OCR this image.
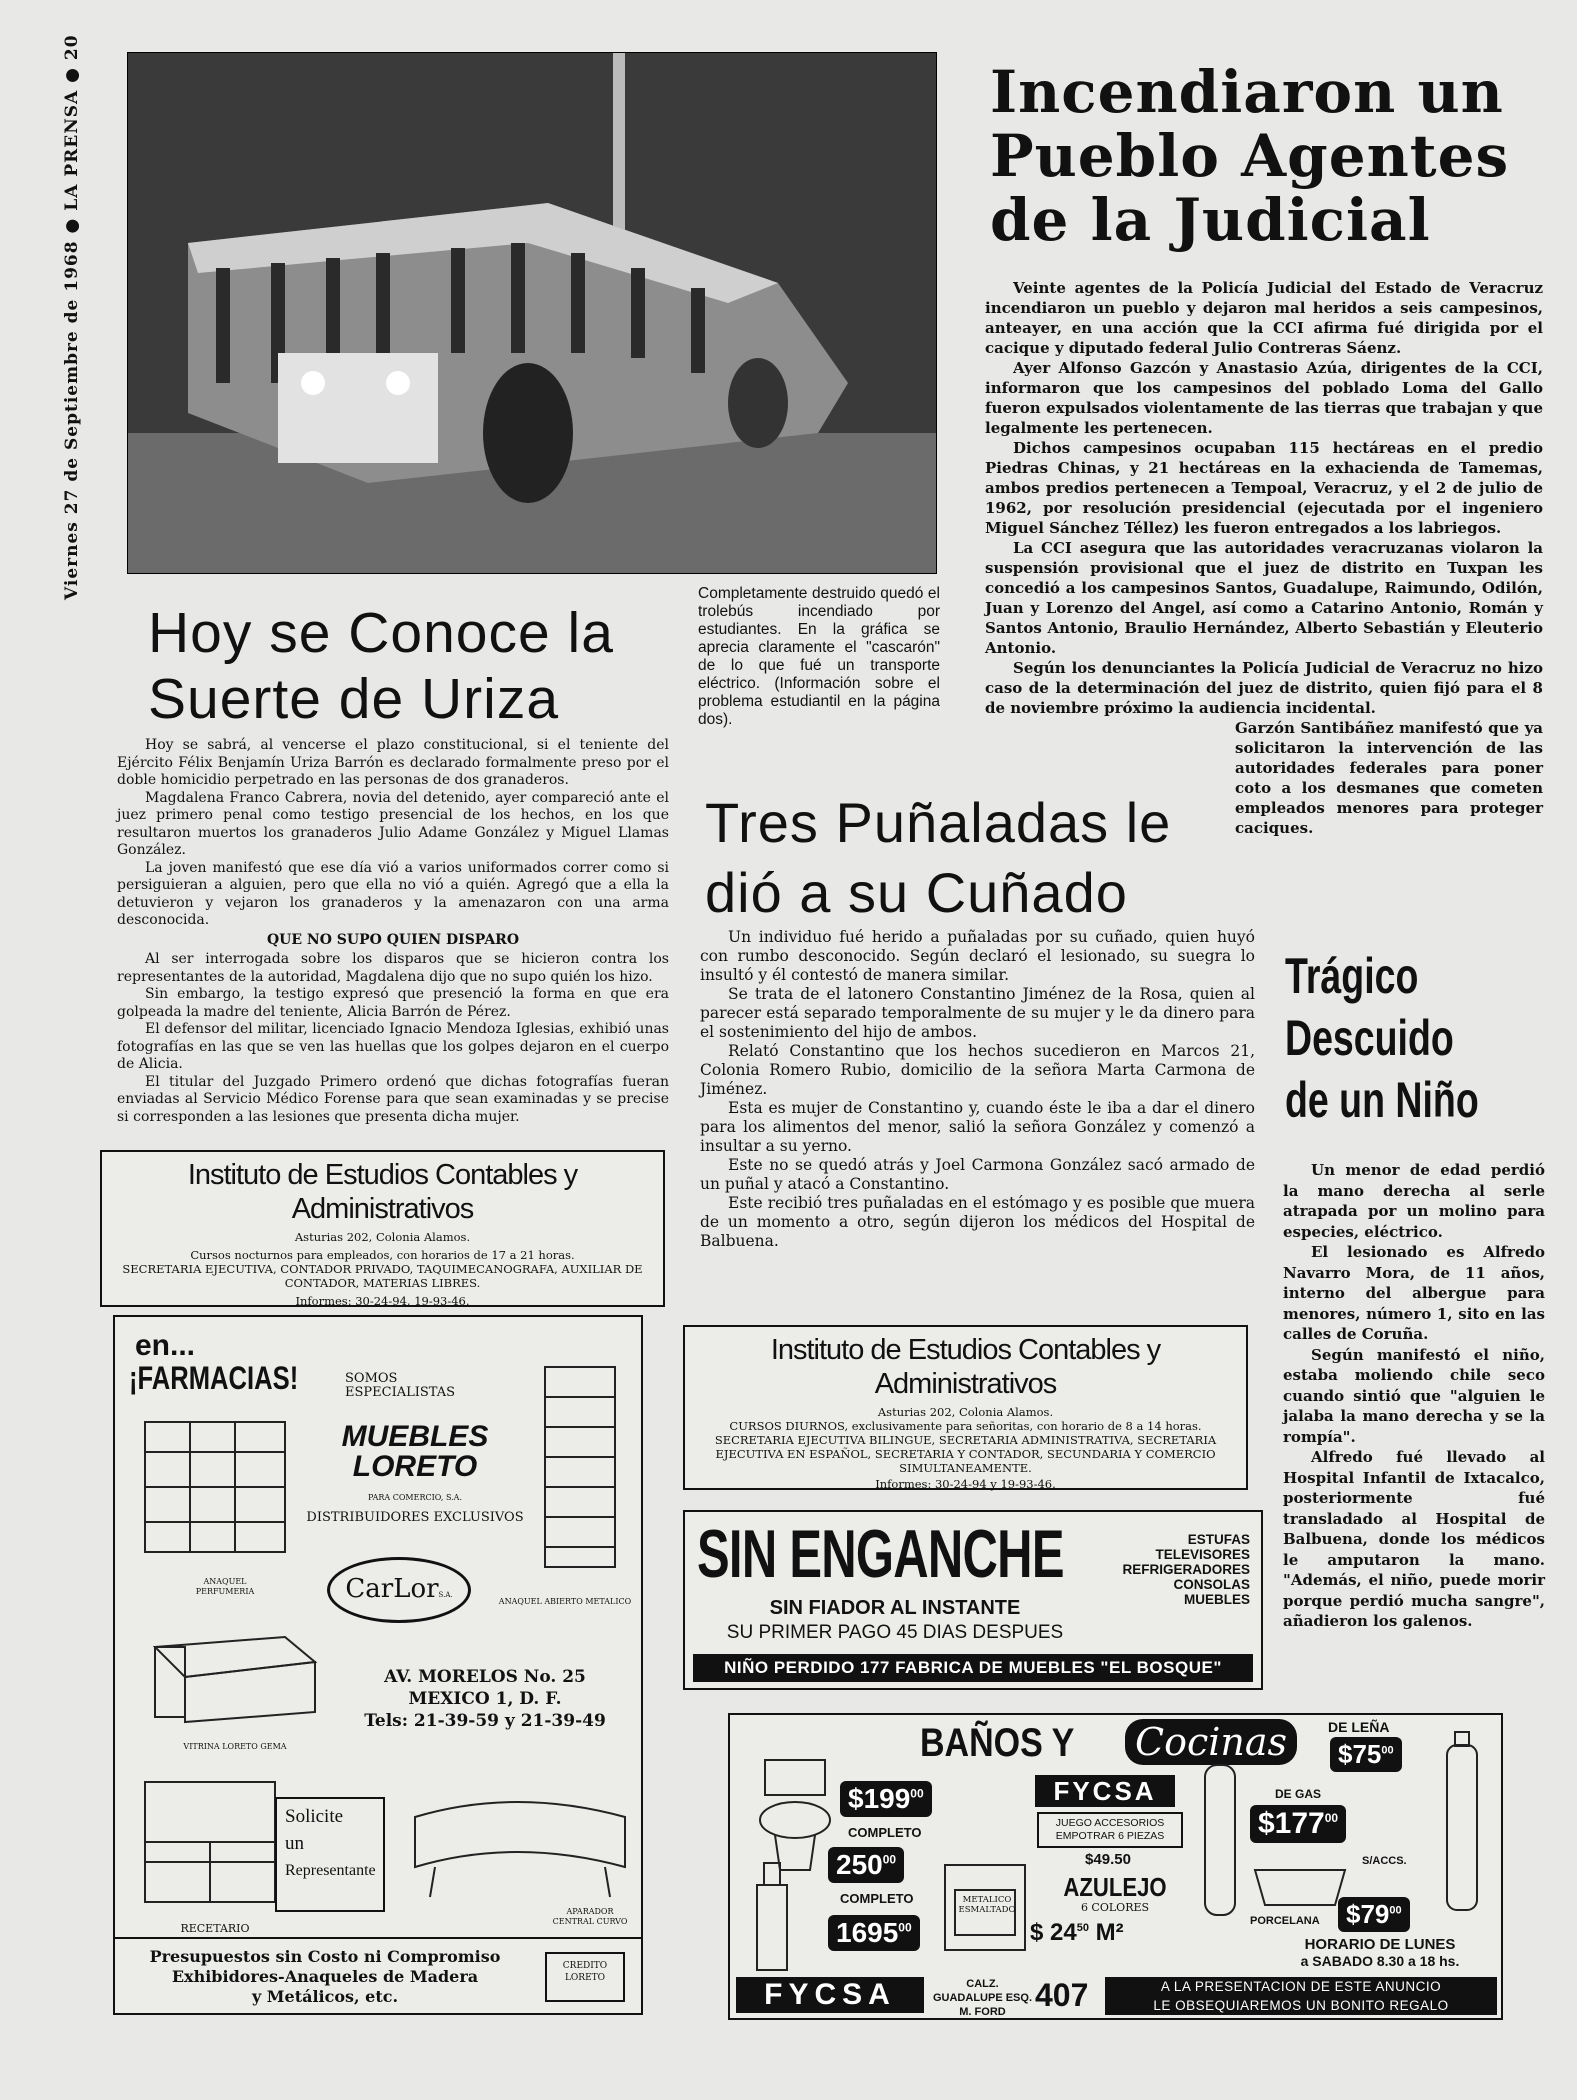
Viernes 27 de Septiembre de 1968 ● LA PRENSA ● 20	Completamente destruido quedó el trolebús incendiado por estudiantes. En la gráfica se aprecia claramente el "cascarón" de lo que fué un transporte eléctrico. (Información sobre el problema estudiantil en la página dos).
Incendiaron un Pueblo Agentes de la Judicial

Veinte agentes de la Policía Judicial del Estado de Veracruz incendiaron un pueblo y dejaron mal heridos a seis campesinos, anteayer, en una acción que la CCI afirma fué dirigida por el cacique y diputado federal Julio Contreras Sáenz.

Ayer Alfonso Gazcón y Anastasio Azúa, dirigentes de la CCI, informaron que los campesinos del poblado Loma del Gallo fueron expulsados violentamente de las tierras que trabajan y que legalmente les pertenecen.

Dichos campesinos ocupaban 115 hectáreas en el predio Piedras Chinas, y 21 hectáreas en la exhacienda de Tamemas, ambos predios pertenecen a Tempoal, Veracruz, y el 2 de julio de 1962, por resolución presidencial (ejecutada por el ingeniero Miguel Sánchez Téllez) les fueron entregados a los labriegos.

La CCI asegura que las autoridades veracruzanas violaron la suspensión provisional que el juez de distrito en Tuxpan les concedió a los campesinos Santos, Guadalupe, Raimundo, Odilón, Juan y Lorenzo del Angel, así como a Catarino Antonio, Román y Santos Antonio, Braulio Hernández, Alberto Sebastián y Eleuterio Antonio.

Según los denunciantes la Policía Judicial de Veracruz no hizo caso de la determinación del juez de distrito, quien fijó para el 8 de noviembre próximo la audiencia incidental.

Garzón Santibáñez manifestó que ya solicitaron la intervención de las autoridades federales para poner coto a los desmanes que cometen empleados menores para proteger caciques.

Hoy se Conoce la Suerte de Uriza

Hoy se sabrá, al vencerse el plazo constitucional, si el teniente del Ejército Félix Benjamín Uriza Barrón es declarado formalmente preso por el doble homicidio perpetrado en las personas de dos granaderos.

Magdalena Franco Cabrera, novia del detenido, ayer compareció ante el juez primero penal como testigo presencial de los hechos, en los que resultaron muertos los granaderos Julio Adame González y Miguel Llamas González.

La joven manifestó que ese día vió a varios uniformados correr como si persiguieran a alguien, pero que ella no vió a quién. Agregó que a ella la detuvieron y vejaron los granaderos y la amenazaron con una arma desconocida.

QUE NO SUPO QUIEN DISPARO

Al ser interrogada sobre los disparos que se hicieron contra los representantes de la autoridad, Magdalena dijo que no supo quién los hizo.

Sin embargo, la testigo expresó que presenció la forma en que era golpeada la madre del teniente, Alicia Barrón de Pérez.

El defensor del militar, licenciado Ignacio Mendoza Iglesias, exhibió unas fotografías en las que se ven las huellas que los golpes dejaron en el cuerpo de Alicia.

El titular del Juzgado Primero ordenó que dichas fotografías fueran enviadas al Servicio Médico Forense para que sean examinadas y se precise si corresponden a las lesiones que presenta dicha mujer.

Tres Puñaladas le dió a su Cuñado

Un individuo fué herido a puñaladas por su cuñado, quien huyó con rumbo desconocido. Según declaró el lesionado, su suegra lo insultó y él contestó de manera similar.

Se trata de el latonero Constantino Jiménez de la Rosa, quien al parecer está separado temporalmente de su mujer y le da dinero para el sostenimiento del hijo de ambos.

Relató Constantino que los hechos sucedieron en Marcos 21, Colonia Romero Rubio, domicilio de la señora Marta Carmona de Jiménez.

Esta es mujer de Constantino y, cuando éste le iba a dar el dinero para los alimentos del menor, salió la señora González y comenzó a insultar a su yerno.

Este no se quedó atrás y Joel Carmona González sacó armado de un puñal y atacó a Constantino.

Este recibió tres puñaladas en el estómago y es posible que muera de un momento a otro, según dijeron los médicos del Hospital de Balbuena.

Trágico Descuido de un Niño

Un menor de edad perdió la mano derecha al serle atrapada por un molino para especies, eléctrico.

El lesionado es Alfredo Navarro Mora, de 11 años, interno del albergue para menores, número 1, sito en las calles de Coruña.

Según manifestó el niño, estaba moliendo chile seco cuando sintió que "alguien le jalaba la mano derecha y se la rompía".

Alfredo fué llevado al Hospital Infantil de Ixtacalco, posteriormente fué transladado al Hospital de Balbuena, donde los médicos le amputaron la mano. "Además, el niño, puede morir porque perdió mucha sangre", añadieron los galenos.

Instituto de Estudios Contables y Administrativos

Asturias 202, Colonia Alamos.

Cursos nocturnos para empleados, con horarios de 17 a 21 horas.

SECRETARIA EJECUTIVA, CONTADOR PRIVADO, TAQUIMECANOGRAFA, AUXILIAR DE CONTADOR, MATERIAS LIBRES.

Informes: 30-24-94, 19-93-46.

en...
¡FARMACIAS!	SOMOS ESPECIALISTAS
MUEBLES LORETO
PARA COMERCIO, S.A.
DISTRIBUIDORES EXCLUSIVOS
CarLorS.A.
ANAQUEL PERFUMERIA
ANAQUEL ABIERTO METALICO
VITRINA LORETO GEMA
AV. MORELOS No. 25
MEXICO 1, D. F.
Tels: 21-39-59 y 21-39-49
RECETARIO
Solicite
un
Representante
APARADOR CENTRAL CURVO
Presupuestos sin Costo ni Compromiso
Exhibidores-Anaqueles de Madera
y Metálicos, etc.
CREDITO LORETO
Instituto de Estudios Contables y Administrativos

Asturias 202, Colonia Alamos.

CURSOS DIURNOS, exclusivamente para señoritas, con horario de 8 a 14 horas.

SECRETARIA EJECUTIVA BILINGUE, SECRETARIA ADMINISTRATIVA, SECRETARIA EJECUTIVA EN ESPAÑOL, SECRETARIA Y CONTADOR, SECUNDARIA Y COMERCIO SIMULTANEAMENTE.

Informes: 30-24-94 y 19-93-46.

SIN ENGANCHE	ESTUFAS
TELEVISORES
REFRIGERADORES
CONSOLAS
MUEBLES
SIN FIADOR AL INSTANTE
SU PRIMER PAGO 45 DIAS DESPUES
NIÑO PERDIDO 177 FABRICA DE MUEBLES "EL BOSQUE"
BAÑOS Y Cocinas
FYCSA
$\$199^{00}$
COMPLETO
$250^{00}$
COMPLETO
1695$^{00}$
JUEGO ACCESORIOS EMPOTRAR 6 PIEZAS
$49.50
METALICO ESMALTADO
AZULEJO
6 COLORES
$ $24^{50}$ M²
DE LEÑA
$\$75^{00}$
DE GAS
$\$177^{00}$
S/ACCS.
PORCELANA	$\$79^{00}$
HORARIO DE LUNES
a SABADO 8.30 a 18 hs.
FYCSA	CALZ. GUADALUPE ESQ. M. FORD 407	A LA PRESENTACION DE ESTE ANUNCIO
LE OBSEQUIAREMOS UN BONITO REGALO
